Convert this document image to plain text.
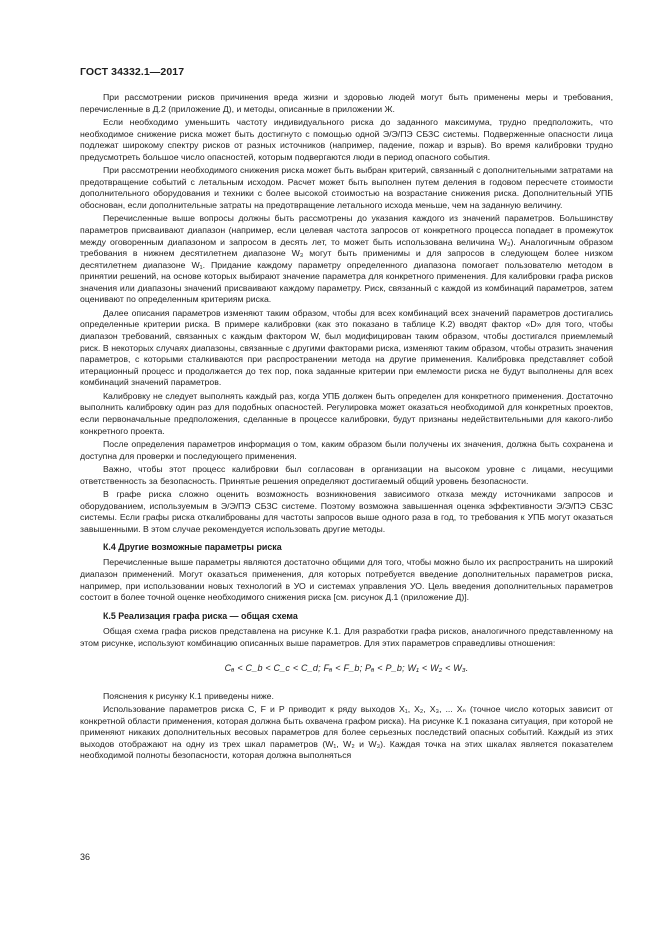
ГОСТ 34332.1—2017

При рассмотрении рисков причинения вреда жизни и здоровью людей могут быть применены меры и требования, перечисленные в Д.2 (приложение Д), и методы, описанные в приложении Ж.

Если необходимо уменьшить частоту индивидуального риска до заданного максимума, трудно предположить, что необходимое снижение риска может быть достигнуто с помощью одной Э/Э/ПЭ СБЗС системы. Подверженные опасности лица подлежат широкому спектру рисков от разных источников (например, падение, пожар и взрыв). Во время калибровки трудно предусмотреть большое число опасностей, которым подвергаются люди в период опасного события.

При рассмотрении необходимого снижения риска может быть выбран критерий, связанный с дополнительными затратами на предотвращение событий с летальным исходом. Расчет может быть выполнен путем деления в годовом пересчете стоимости дополнительного оборудования и техники с более высокой стоимостью на возрастание снижения риска. Дополнительный УПБ обоснован, если дополнительные затраты на предотвращение летального исхода меньше, чем на заданную величину.

Перечисленные выше вопросы должны быть рассмотрены до указания каждого из значений параметров. Большинству параметров присваивают диапазон (например, если целевая частота запросов от конкретного процесса попадает в промежуток между оговоренным диапазоном и запросом в десять лет, то может быть использована величина W₃). Аналогичным образом требования в нижнем десятилетнем диапазоне W₃ могут быть применимы и для запросов в следующем более низком десятилетнем диапазоне W₁. Придание каждому параметру определенного диапазона помогает пользователю методом в принятии решений, на основе которых выбирают значение параметра для конкретного применения. Для калибровки графа рисков значения или диапазоны значений присваивают каждому параметру. Риск, связанный с каждой из комбинаций параметров, затем оценивают по определенным критериям риска.

Далее описания параметров изменяют таким образом, чтобы для всех комбинаций всех значений параметров достигались определенные критерии риска. В примере калибровки (как это показано в таблице К.2) вводят фактор «D» для того, чтобы диапазон требований, связанных с каждым фактором W, был модифицирован таким образом, чтобы достигался приемлемый риск. В некоторых случаях диапазоны, связанные с другими факторами риска, изменяют таким образом, чтобы отразить значения параметров, с которыми сталкиваются при распространении метода на другие применения. Калибровка представляет собой итерационный процесс и продолжается до тех пор, пока заданные критерии при емлемости риска не будут выполнены для всех комбинаций значений параметров.

Калибровку не следует выполнять каждый раз, когда УПБ должен быть определен для конкретного применения. Достаточно выполнить калибровку один раз для подобных опасностей. Регулировка может оказаться необходимой для конкретных проектов, если первоначальные предположения, сделанные в процессе калибровки, будут признаны недействительными для какого-либо конкретного проекта.

После определения параметров информация о том, каким образом были получены их значения, должна быть сохранена и доступна для проверки и последующего применения.

Важно, чтобы этот процесс калибровки был согласован в организации на высоком уровне с лицами, несущими ответственность за безопасность. Принятые решения определяют достигаемый общий уровень безопасности.

В графе риска сложно оценить возможность возникновения зависимого отказа между источниками запросов и оборудованием, используемым в Э/Э/ПЭ СБЗС системе. Поэтому возможна завышенная оценка эффективности Э/Э/ПЭ СБЗС системы. Если графы риска откалиброваны для частоты запросов выше одного раза в год, то требования к УПБ могут оказаться завышенными. В этом случае рекомендуется использовать другие методы.

К.4 Другие возможные параметры риска

Перечисленные выше параметры являются достаточно общими для того, чтобы можно было их распространить на широкий диапазон применений. Могут оказаться применения, для которых потребуется введение дополнительных параметров риска, например, при использовании новых технологий в УО и системах управления УО. Цель введения дополнительных параметров состоит в более точной оценке необходимого снижения риска [см. рисунок Д.1 (приложение Д)].

К.5 Реализация графа риска — общая схема

Общая схема графа рисков представлена на рисунке К.1. Для разработки графа рисков, аналогичного представленному на этом рисунке, используют комбинацию описанных выше параметров. Для этих параметров справедливы отношения:

Cₐ < C_b < C_c < C_d; Fₐ < F_b; Pₐ < P_b; W₁ < W₂ < W₃.

Пояснения к рисунку К.1 приведены ниже.

Использование параметров риска C, F и P приводит к ряду выходов X₁, X₂, X₃, ... Xₙ (точное число которых зависит от конкретной области применения, которая должна быть охвачена графом риска). На рисунке К.1 показана ситуация, при которой не применяют никаких дополнительных весовых параметров для более серьезных последствий опасных событий. Каждый из этих выходов отображают на одну из трех шкал параметров (W₁, W₂ и W₃). Каждая точка на этих шкалах является показателем необходимой полноты безопасности, которая должна выполняться

36
